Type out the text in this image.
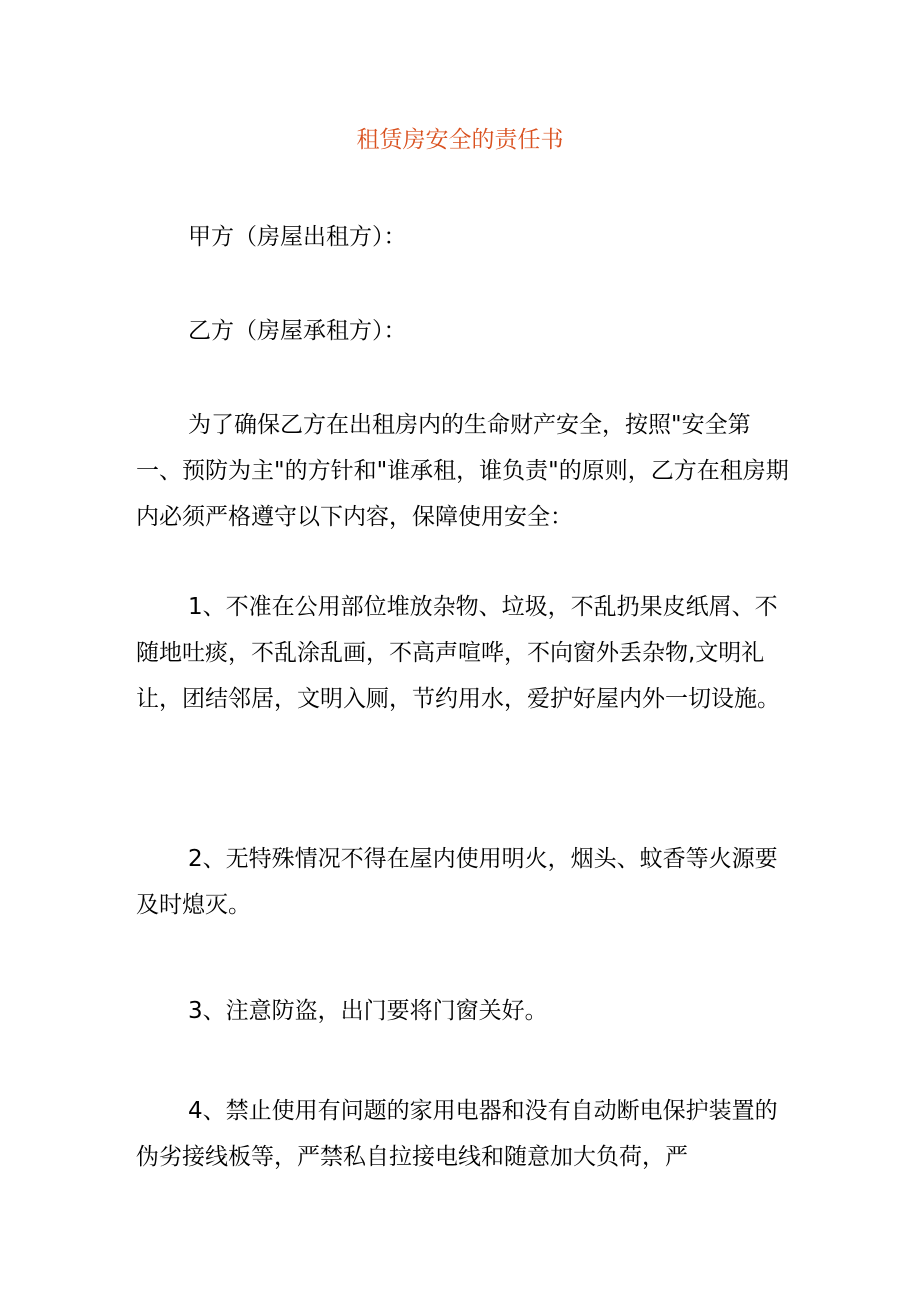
租赁房安全的责任书

甲方（房屋出租方）：

乙方（房屋承租方）：

为了确保乙方在出租房内的生命财产安全，按照"安全第一、预防为主"的方针和"谁承租，谁负责"的原则，乙方在租房期内必须严格遵守以下内容，保障使用安全：

1、不准在公用部位堆放杂物、垃圾，不乱扔果皮纸屑、不随地吐痰，不乱涂乱画，不高声喧哗，不向窗外丢杂物,文明礼让，团结邻居，文明入厕，节约用水，爱护好屋内外一切设施。

2、无特殊情况不得在屋内使用明火，烟头、蚊香等火源要及时熄灭。

3、注意防盗，出门要将门窗关好。

4、禁止使用有问题的家用电器和没有自动断电保护装置的伪劣接线板等，严禁私自拉接电线和随意加大负荷，严
